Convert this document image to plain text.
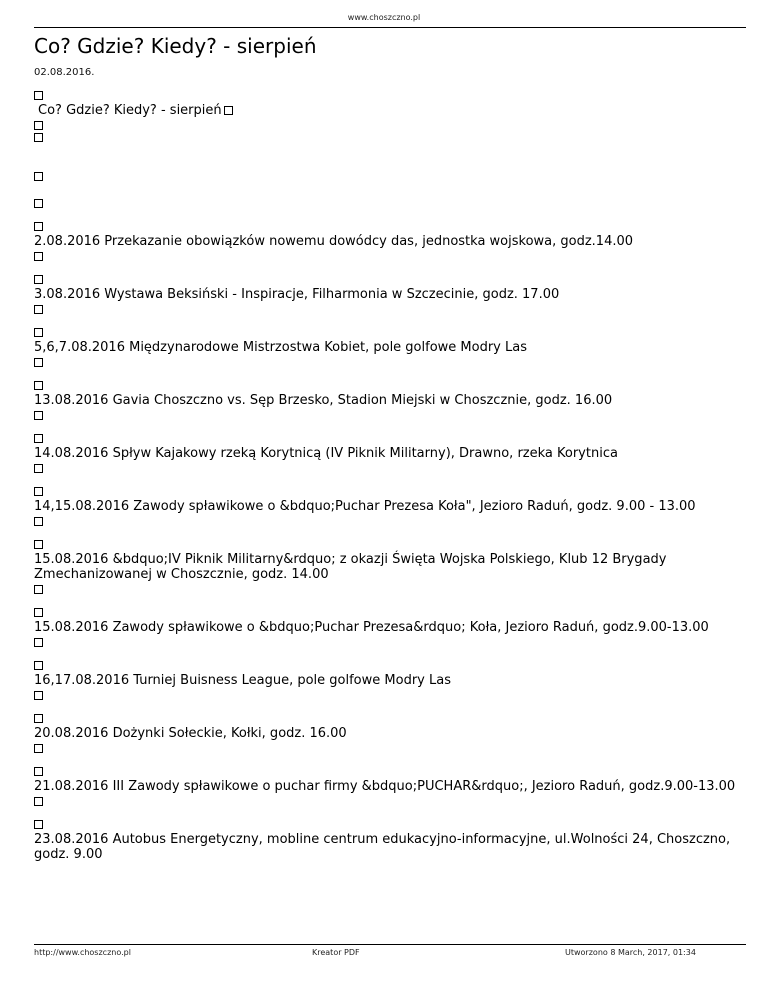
www.choszczno.pl
Co? Gdzie? Kiedy? - sierpień
02.08.2016.
Co? Gdzie? Kiedy? - sierpień
2.08.2016 Przekazanie obowiązków nowemu dowódcy das, jednostka wojskowa, godz.14.00
3.08.2016 Wystawa Beksiński - Inspiracje, Filharmonia w Szczecinie, godz. 17.00
5,6,7.08.2016 Międzynarodowe Mistrzostwa Kobiet, pole golfowe Modry Las
13.08.2016 Gavia Choszczno vs. Sęp Brzesko, Stadion Miejski w Choszcznie, godz. 16.00
14.08.2016 Spływ Kajakowy rzeką Korytnicą (IV Piknik Militarny), Drawno, rzeka Korytnica
14,15.08.2016 Zawody spławikowe o &bdquo;Puchar Prezesa Koła", Jezioro Raduń, godz. 9.00 - 13.00
15.08.2016 &bdquo;IV Piknik Militarny&rdquo; z okazji Święta Wojska Polskiego, Klub 12 Brygady Zmechanizowanej w Choszcznie, godz. 14.00
15.08.2016 Zawody spławikowe o &bdquo;Puchar Prezesa&rdquo; Koła, Jezioro Raduń, godz.9.00-13.00
16,17.08.2016 Turniej Buisness League, pole golfowe Modry Las
20.08.2016 Dożynki Sołeckie, Kołki, godz. 16.00
21.08.2016 III Zawody spławikowe o puchar firmy &bdquo;PUCHAR&rdquo;, Jezioro Raduń, godz.9.00-13.00
23.08.2016 Autobus Energetyczny, mobline centrum edukacyjno-informacyjne, ul.Wolności 24, Choszczno, godz. 9.00
http://www.choszczno.pl	Kreator PDF	Utworzono 8 March, 2017, 01:34
